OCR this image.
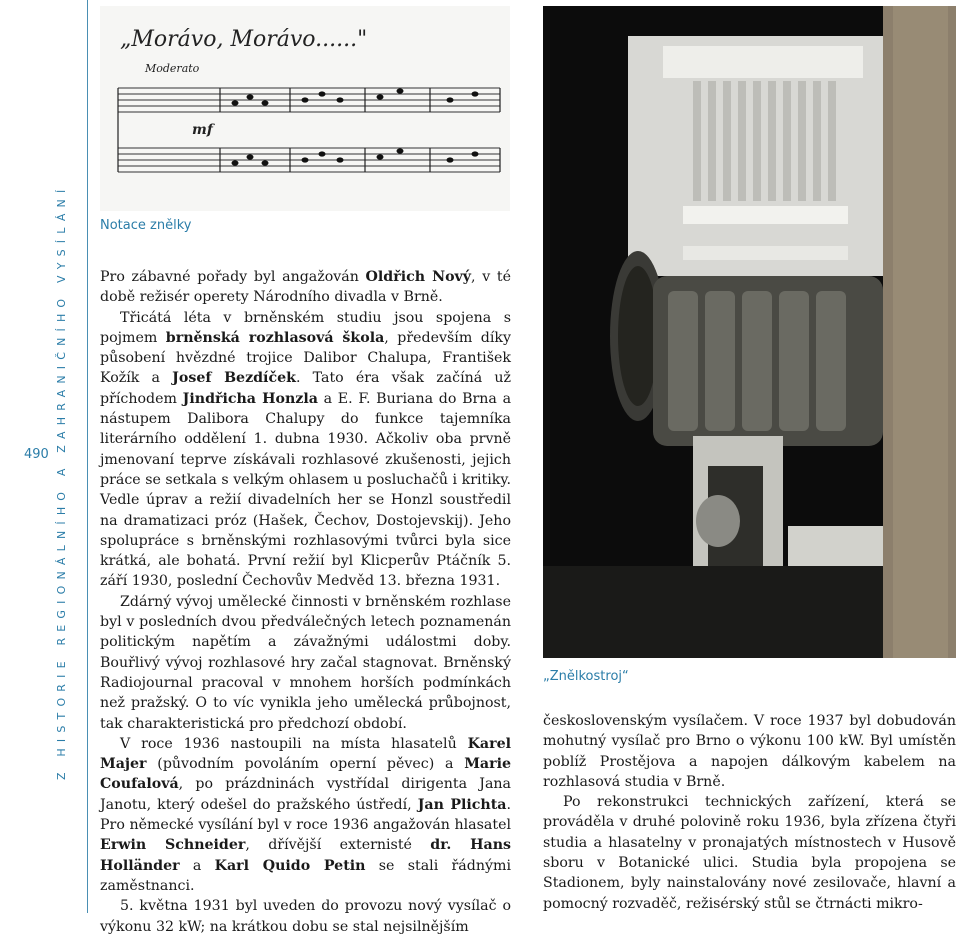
Z HISTORIE REGIONÁLNÍHO A ZAHRANIČNÍHO VYSÍLÁNÍ
490
„Morávo, Morávo......"
Moderato
mf
Notace znělky
„Znělkostroj“

Pro zábavné pořady byl angažován Oldřich Nový, v té době režisér operety Národního divadla v Brně.

Třicátá léta v brněnském studiu jsou spojena s pojmem brněnská rozhlasová škola, především díky působení hvězdné trojice Dalibor Chalupa, František Kožík a Josef Bezdíček. Tato éra však začíná už příchodem Jindřicha Honzla a E. F. Buriana do Brna a nástupem Dalibora Chalupy do funkce tajemníka literárního oddělení 1. dubna 1930. Ačkoliv oba prvně jmenovaní teprve získávali rozhlasové zkušenosti, jejich práce se setkala s velkým ohlasem u posluchačů i kritiky. Vedle úprav a režií divadelních her se Honzl soustředil na dramatizaci próz (Hašek, Čechov, Dostojevskij). Jeho spolupráce s brněnskými rozhlasovými tvůrci byla sice krátká, ale bohatá. První režií byl Klicperův Ptáčník 5. září 1930, poslední Čechovův Medvěd 13. března 1931.

Zdárný vývoj umělecké činnosti v brněnském rozhlase byl v posledních dvou předválečných letech poznamenán politickým napětím a závažnými událostmi doby. Bouřlivý vývoj rozhlasové hry začal stagnovat. Brněnský Radiojournal pracoval v mnohem horších podmínkách než pražský. O to víc vynikla jeho umělecká průbojnost, tak charakteristická pro předchozí období.

V roce 1936 nastoupili na místa hlasatelů Karel Majer (původním povoláním operní pěvec) a Marie Coufalová, po prázdninách vystřídal dirigenta Jana Janotu, který odešel do pražského ústředí, Jan Plichta. Pro německé vysílání byl v roce 1936 angažován hlasatel Erwin Schneider, dřívější externisté dr. Hans Holländer a Karl Quido Petin se stali řádnými zaměstnanci.

5. května 1931 byl uveden do provozu nový vysílač o výkonu 32 kW; na krátkou dobu se stal nejsilnějším

československým vysílačem. V roce 1937 byl dobudován mohutný vysílač pro Brno o výkonu 100 kW. Byl umístěn poblíž Prostějova a napojen dálkovým kabelem na rozhlasová studia v Brně.

Po rekonstrukci technických zařízení, která se prováděla v druhé polovině roku 1936, byla zřízena čtyři studia a hlasatelny v pronajatých místnostech v Husově sboru v Botanické ulici. Studia byla propojena se Stadionem, byly nainstalovány nové zesilovače, hlavní a pomocný rozvaděč, režisérský stůl se čtrnácti mikro-
